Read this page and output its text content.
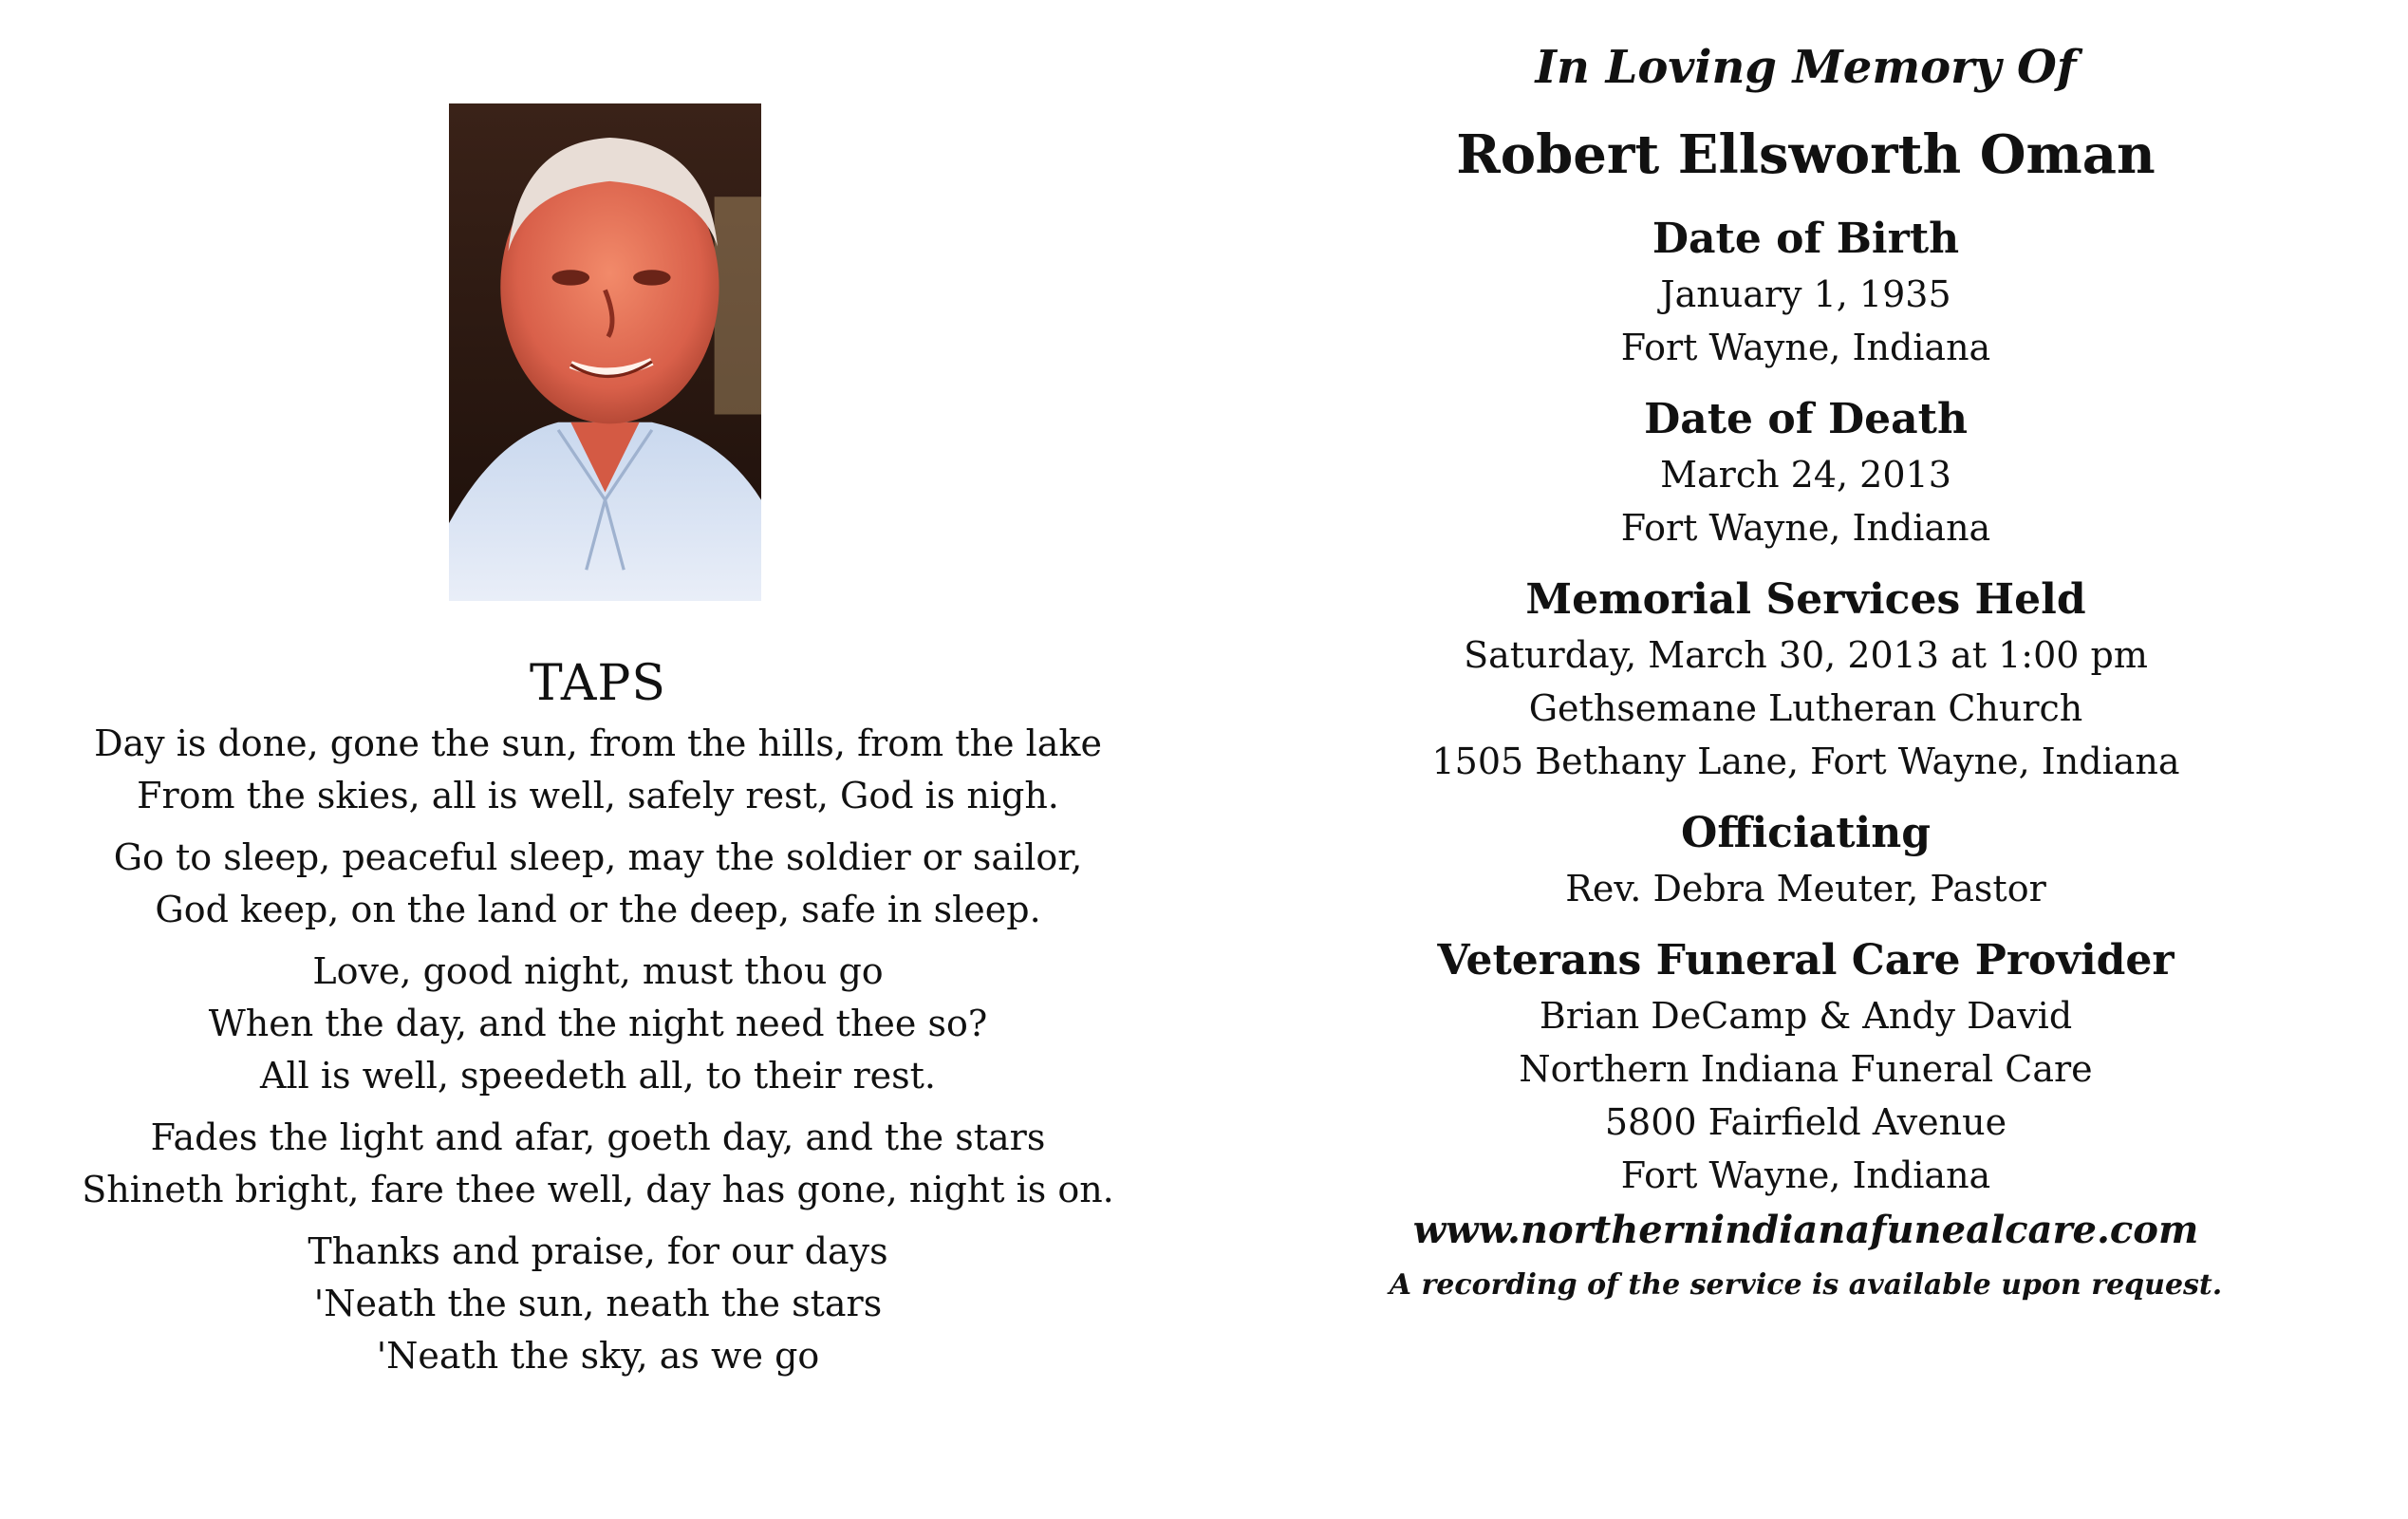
TAPS
Day is done, gone the sun, from the hills, from the lake
From the skies, all is well, safely rest, God is nigh.
Go to sleep, peaceful sleep, may the soldier or sailor,
God keep, on the land or the deep, safe in sleep.
Love, good night, must thou go
When the day, and the night need thee so?
All is well, speedeth all, to their rest.
Fades the light and afar, goeth day, and the stars
Shineth bright, fare thee well, day has gone, night is on.
Thanks and praise, for our days
'Neath the sun, neath the stars
'Neath the sky, as we go
In Loving Memory Of
Robert Ellsworth Oman
Date of Birth
January 1, 1935
Fort Wayne, Indiana
Date of Death
March 24, 2013
Fort Wayne, Indiana
Memorial Services Held
Saturday, March 30, 2013 at 1:00 pm
Gethsemane Lutheran Church
1505 Bethany Lane, Fort Wayne, Indiana
Officiating
Rev. Debra Meuter, Pastor
Veterans Funeral Care Provider
Brian DeCamp & Andy David
Northern Indiana Funeral Care
5800 Fairfield Avenue
Fort Wayne, Indiana
www.northernindianafunealcare.com
A recording of the service is available upon request.
